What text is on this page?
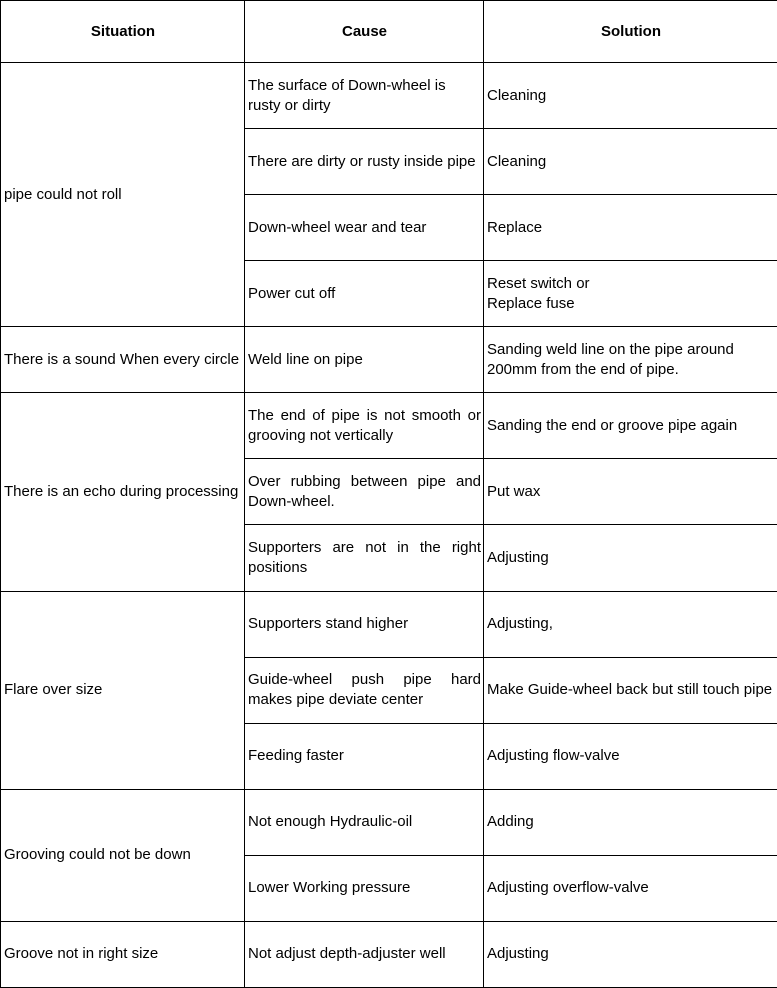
Situation	Cause	Solution
pipe could not roll	The surface of Down-wheel is rusty or dirty	Cleaning
	There are dirty or rusty inside pipe	Cleaning
	Down-wheel wear and tear	Replace
	Power cut off	Reset switch or
Replace fuse

There is a sound When every circle	Weld line on pipe	Sanding weld line on the pipe around 200mm from the end of pipe.
There is an echo during processing	The end of pipe is not smooth or grooving not vertically	Sanding the end or groove pipe again
	Over rubbing between pipe and Down-wheel.	Put wax
	Supporters are not in the right positions	Adjusting
Flare over size	Supporters stand higher	Adjusting,
	Guide-wheel push pipe hard makes pipe deviate center	Make Guide-wheel back but still touch pipe
	Feeding faster	Adjusting flow-valve
Grooving could not be down	Not enough Hydraulic-oil	Adding
	Lower Working pressure	Adjusting overflow-valve
Groove not in right size	Not adjust depth-adjuster well	Adjusting
